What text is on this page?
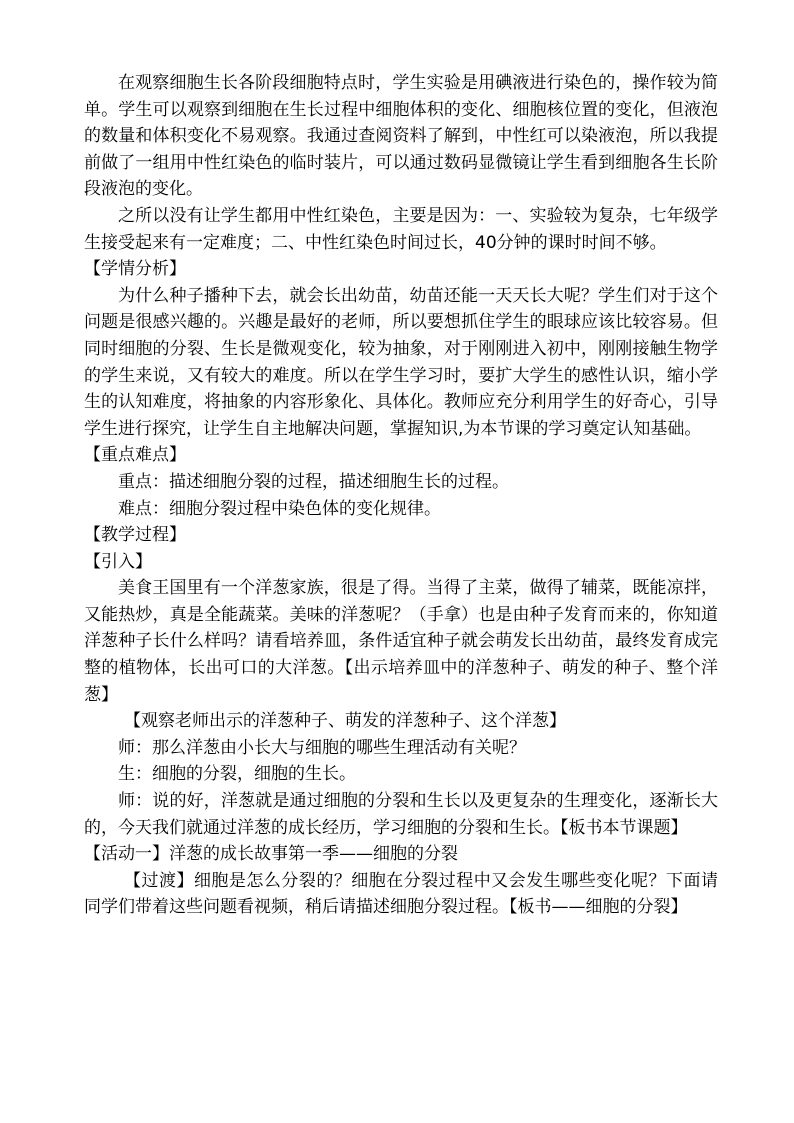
在观察细胞生长各阶段细胞特点时，学生实验是用碘液进行染色的，操作较为简单。学生可以观察到细胞在生长过程中细胞体积的变化、细胞核位置的变化，但液泡的数量和体积变化不易观察。我通过查阅资料了解到，中性红可以染液泡，所以我提前做了一组用中性红染色的临时装片，可以通过数码显微镜让学生看到细胞各生长阶段液泡的变化。

之所以没有让学生都用中性红染色，主要是因为：一、实验较为复杂，七年级学生接受起来有一定难度；二、中性红染色时间过长，40分钟的课时时间不够。

【学情分析】

为什么种子播种下去，就会长出幼苗，幼苗还能一天天长大呢？学生们对于这个问题是很感兴趣的。兴趣是最好的老师，所以要想抓住学生的眼球应该比较容易。但同时细胞的分裂、生长是微观变化，较为抽象，对于刚刚进入初中，刚刚接触生物学的学生来说，又有较大的难度。所以在学生学习时，要扩大学生的感性认识，缩小学生的认知难度，将抽象的内容形象化、具体化。教师应充分利用学生的好奇心，引导学生进行探究，让学生自主地解决问题，掌握知识,为本节课的学习奠定认知基础。

【重点难点】

重点：描述细胞分裂的过程，描述细胞生长的过程。

难点：细胞分裂过程中染色体的变化规律。

【教学过程】

【引入】

美食王国里有一个洋葱家族，很是了得。当得了主菜，做得了辅菜，既能凉拌，又能热炒，真是全能蔬菜。美味的洋葱呢？（手拿）也是由种子发育而来的，你知道洋葱种子长什么样吗？请看培养皿，条件适宜种子就会萌发长出幼苗，最终发育成完整的植物体，长出可口的大洋葱。【出示培养皿中的洋葱种子、萌发的种子、整个洋葱】

【观察老师出示的洋葱种子、萌发的洋葱种子、这个洋葱】

师：那么洋葱由小长大与细胞的哪些生理活动有关呢？

生：细胞的分裂，细胞的生长。

师：说的好，洋葱就是通过细胞的分裂和生长以及更复杂的生理变化，逐渐长大的，今天我们就通过洋葱的成长经历，学习细胞的分裂和生长。【板书本节课题】

【活动一】洋葱的成长故事第一季——细胞的分裂

【过渡】细胞是怎么分裂的？细胞在分裂过程中又会发生哪些变化呢？下面请同学们带着这些问题看视频，稍后请描述细胞分裂过程。【板书——细胞的分裂】
